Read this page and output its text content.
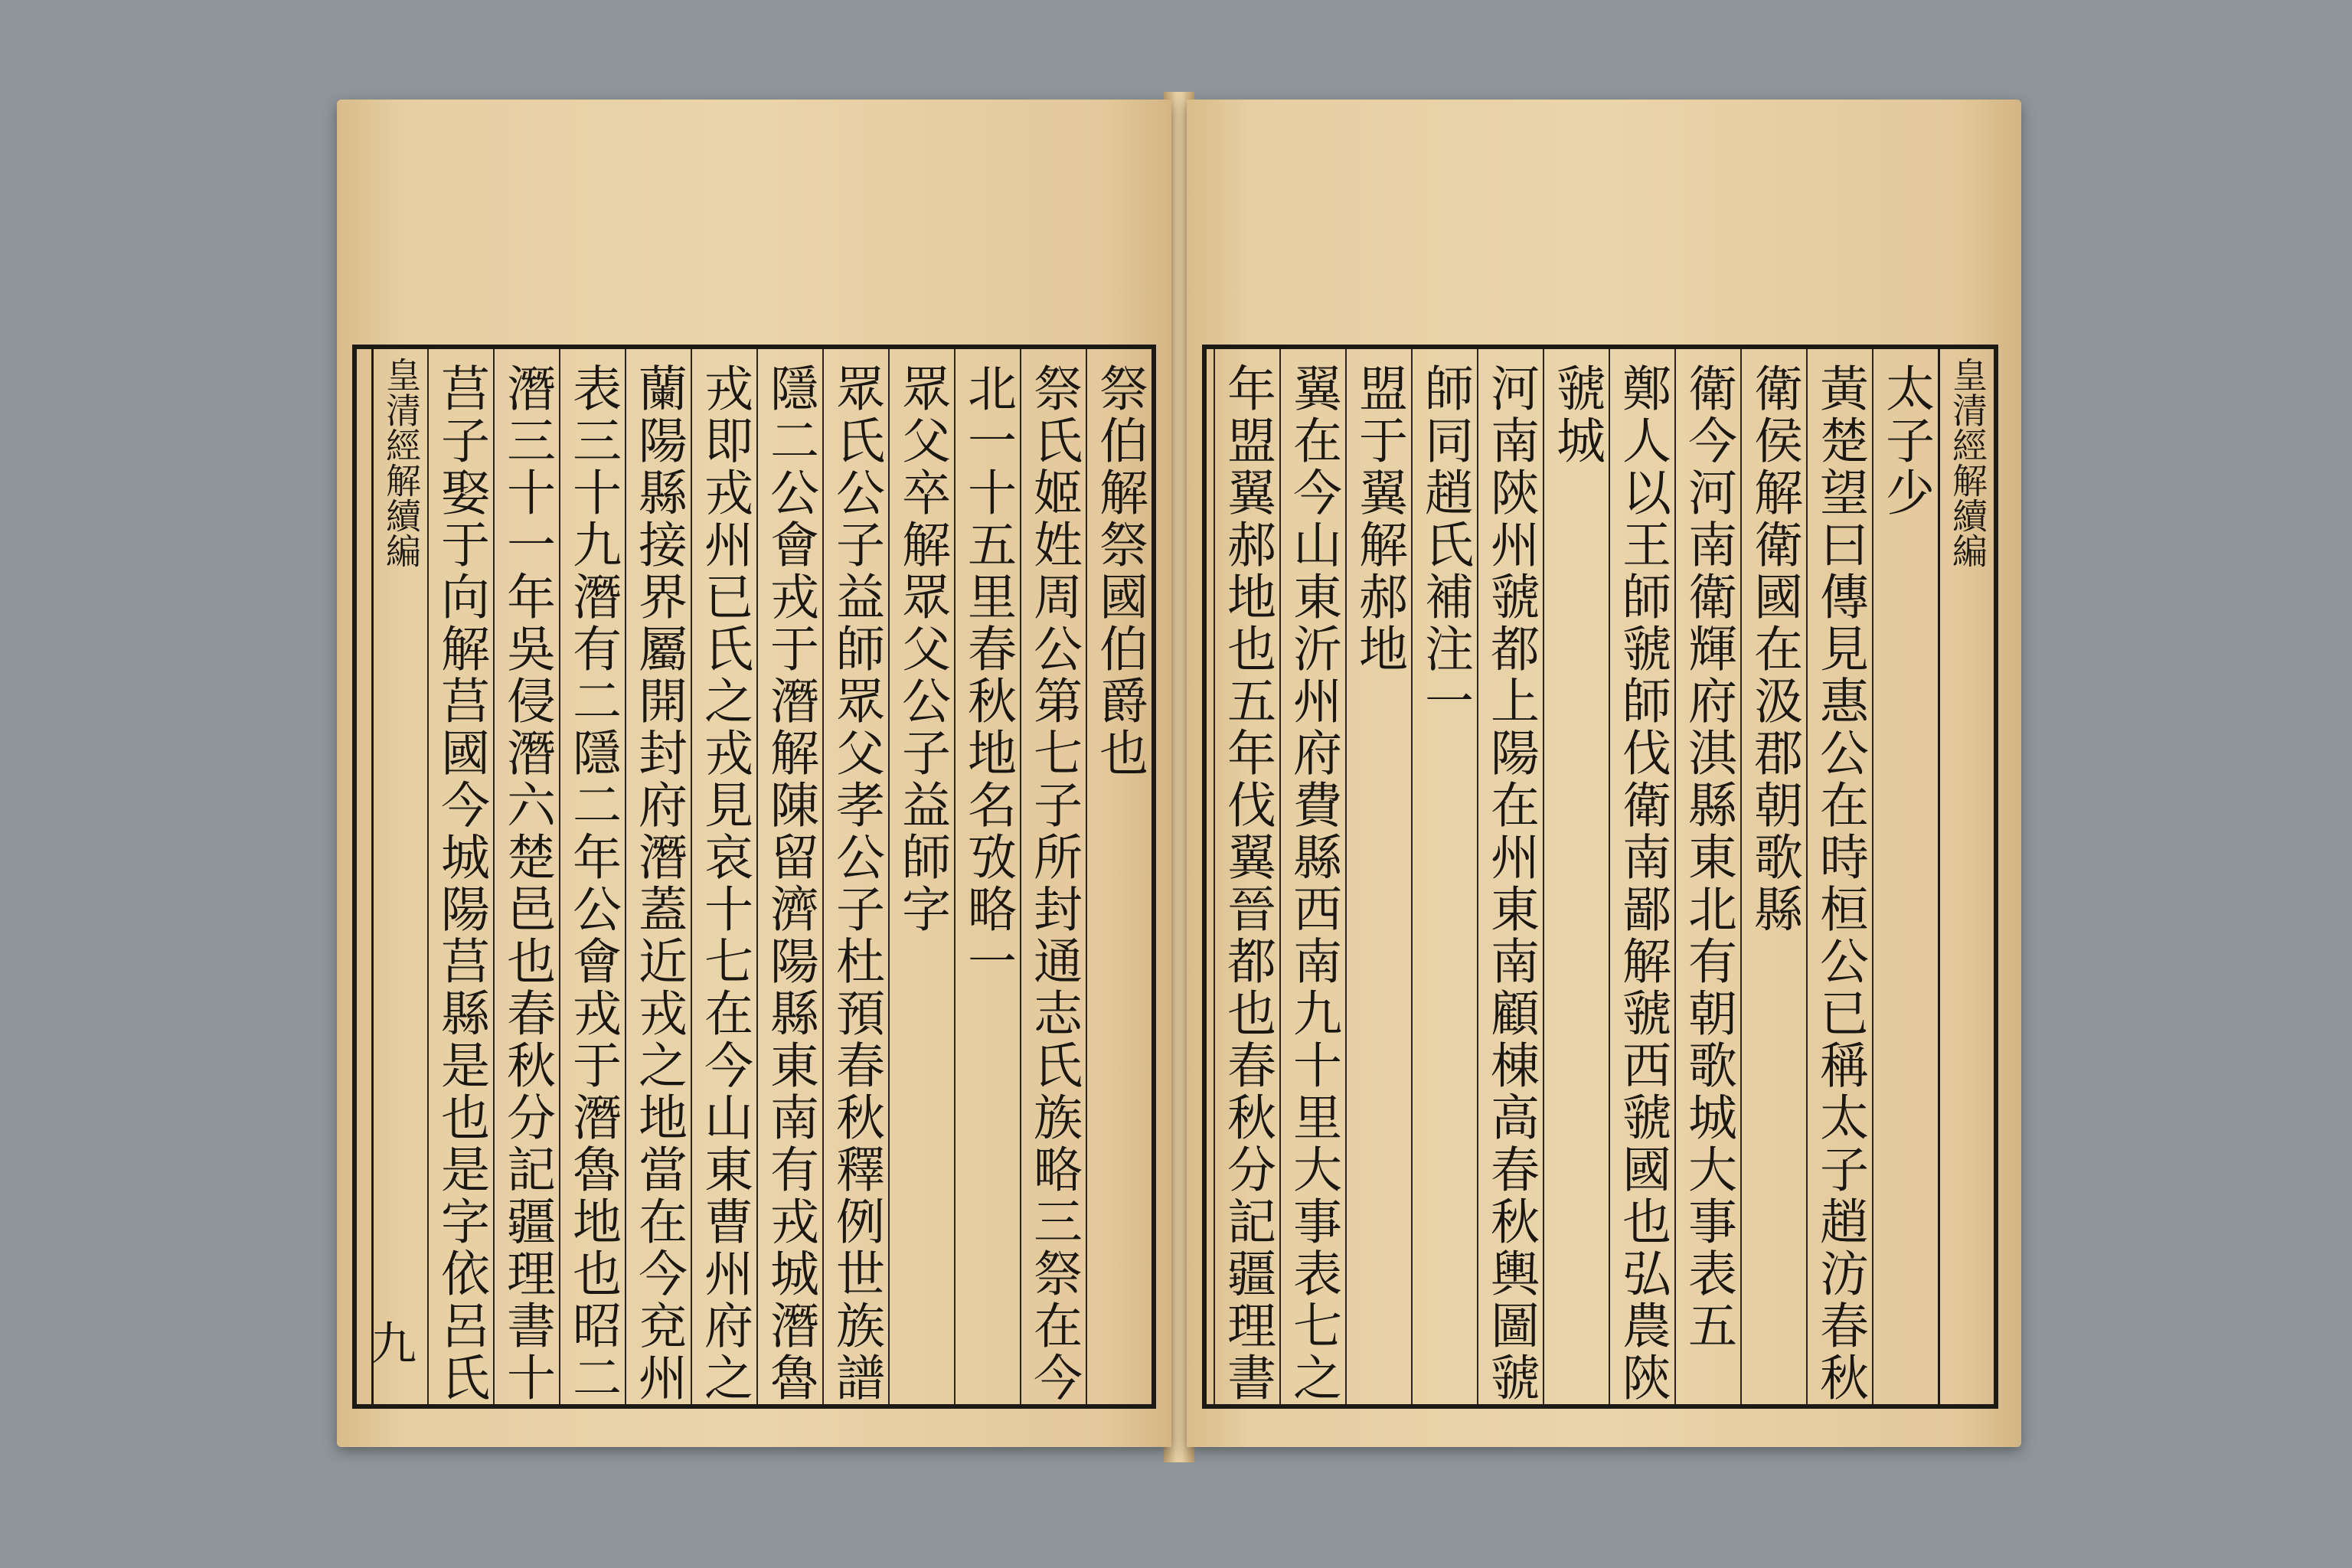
祭伯解祭國伯爵也
祭氏姬姓周公第七子所封通志氏族略三祭在今
北一十五里春秋地名攷略一
眾父卒解眾父公子益師字
眾氏公子益師眾父孝公子杜預春秋釋例世族譜
隱二公會戎于潛解陳留濟陽縣東南有戎城潛魯
戎即戎州已氏之戎見哀十七在今山東曹州府之
蘭陽縣接界屬開封府潛蓋近戎之地當在今兗州
表三十九潛有二隱二年公會戎于潛魯地也昭二
潛三十一年吳侵潛六楚邑也春秋分記疆理書十
莒子娶于向解莒國今城陽莒縣是也是字依呂氏
皇清經解續編

九
皇清經解續編
太子少
黃楚望曰傳見惠公在時桓公已稱太子趙汸春秋
衛侯解衛國在汲郡朝歌縣
衛今河南衛輝府淇縣東北有朝歌城大事表五
鄭人以王師虢師伐衛南鄙解虢西虢國也弘農陝
虢城
河南陝州虢都上陽在州東南顧棟高春秋輿圖虢
師同趙氏補注一
盟于翼解郝地
翼在今山東沂州府費縣西南九十里大事表七之
年盟翼郝地也五年伐翼晉都也春秋分記疆理書
